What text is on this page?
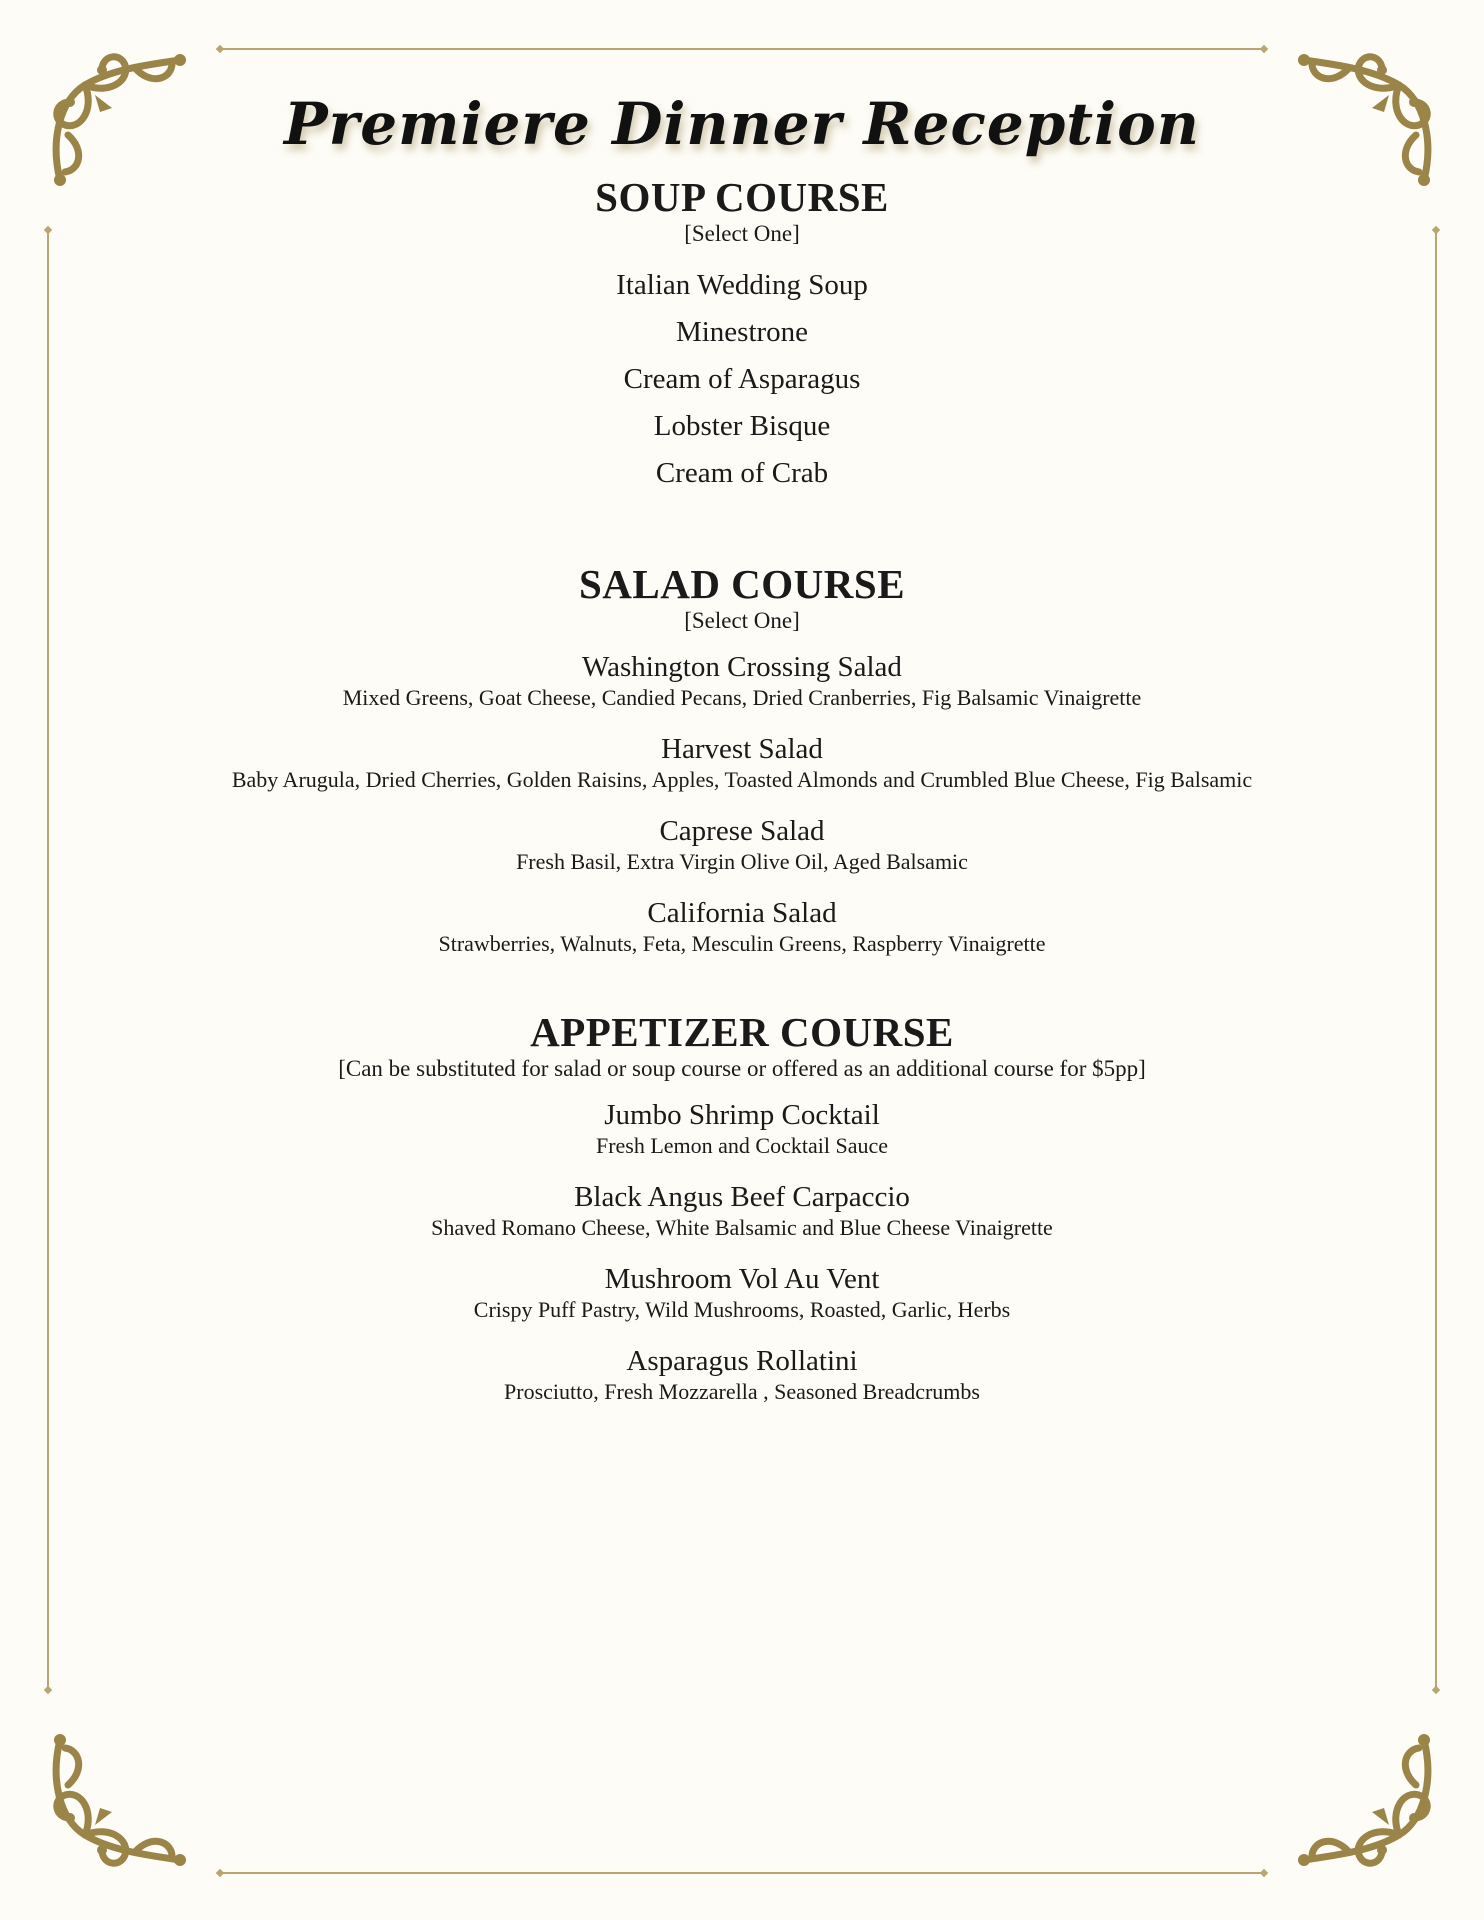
Premiere Dinner Reception
SOUP COURSE

[Select One]

Italian Wedding Soup

Minestrone

Cream of Asparagus

Lobster Bisque

Cream of Crab

SALAD COURSE

[Select One]

Washington Crossing Salad

Mixed Greens, Goat Cheese, Candied Pecans, Dried Cranberries, Fig Balsamic Vinaigrette

Harvest Salad

Baby Arugula, Dried Cherries, Golden Raisins, Apples, Toasted Almonds and Crumbled Blue Cheese, Fig Balsamic

Caprese Salad

Fresh Basil, Extra Virgin Olive Oil, Aged Balsamic

California Salad

Strawberries, Walnuts, Feta, Mesculin Greens, Raspberry Vinaigrette

APPETIZER COURSE

[Can be substituted for salad or soup course or offered as an additional course for $5pp]

Jumbo Shrimp Cocktail

Fresh Lemon and Cocktail Sauce

Black Angus Beef Carpaccio

Shaved Romano Cheese, White Balsamic and Blue Cheese Vinaigrette

Mushroom Vol Au Vent

Crispy Puff Pastry, Wild Mushrooms, Roasted, Garlic, Herbs

Asparagus Rollatini

Prosciutto, Fresh Mozzarella , Seasoned Breadcrumbs
